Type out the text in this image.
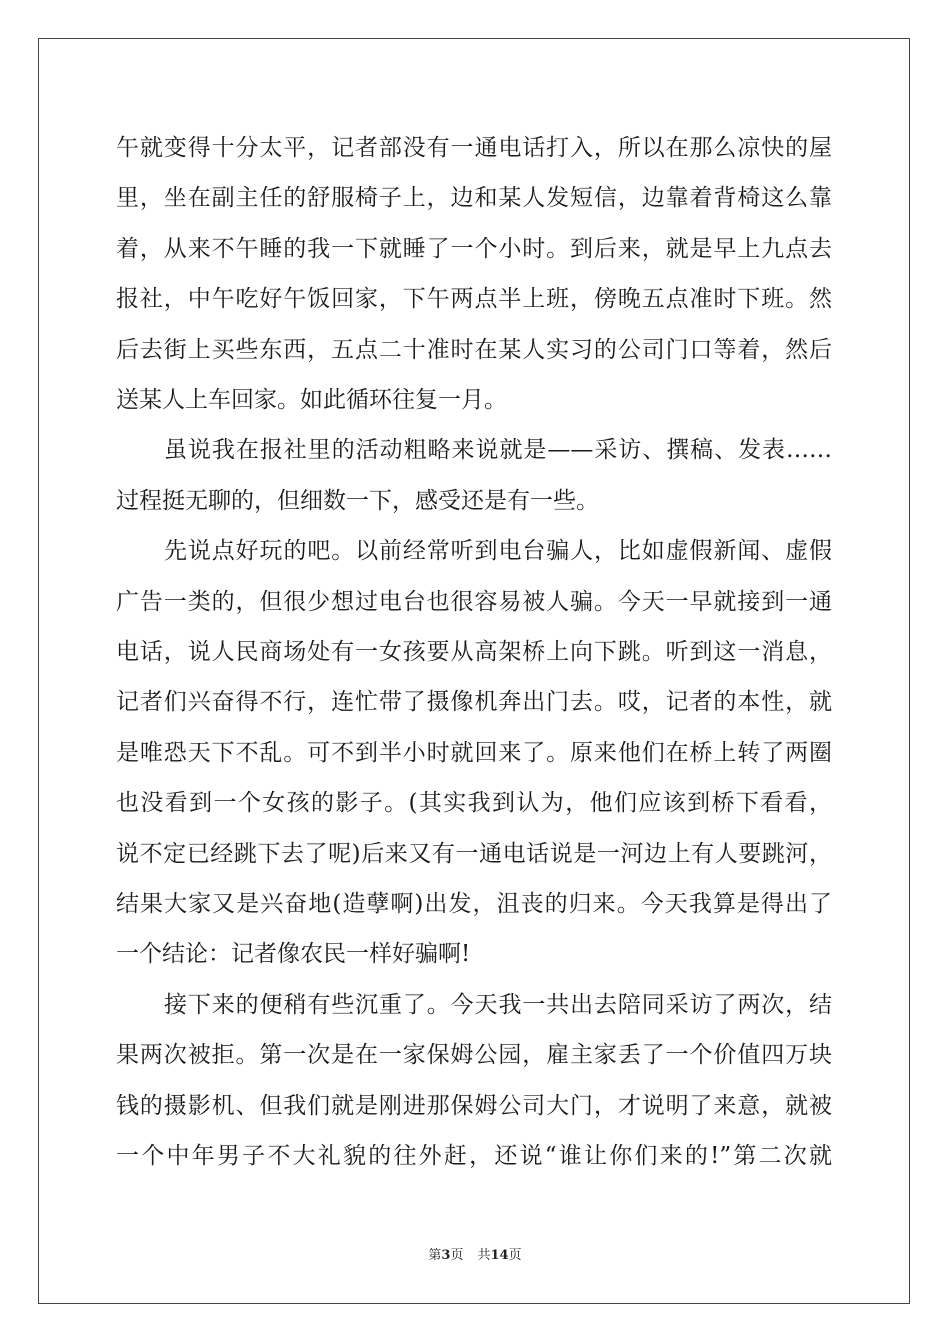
午就变得十分太平，记者部没有一通电话打入，所以在那么凉快的屋
里，坐在副主任的舒服椅子上，边和某人发短信，边靠着背椅这么靠
着，从来不午睡的我一下就睡了一个小时。到后来，就是早上九点去
报社，中午吃好午饭回家，下午两点半上班，傍晚五点准时下班。然
后去街上买些东西，五点二十准时在某人实习的公司门口等着，然后
送某人上车回家。如此循环往复一月。
虽说我在报社里的活动粗略来说就是——采访、撰稿、发表……
过程挺无聊的，但细数一下，感受还是有一些。
先说点好玩的吧。以前经常听到电台骗人，比如虚假新闻、虚假
广告一类的，但很少想过电台也很容易被人骗。今天一早就接到一通
电话，说人民商场处有一女孩要从高架桥上向下跳。听到这一消息，
记者们兴奋得不行，连忙带了摄像机奔出门去。哎，记者的本性，就
是唯恐天下不乱。可不到半小时就回来了。原来他们在桥上转了两圈
也没看到一个女孩的影子。(其实我到认为，他们应该到桥下看看，
说不定已经跳下去了呢)后来又有一通电话说是一河边上有人要跳河，
结果大家又是兴奋地(造孽啊)出发，沮丧的归来。今天我算是得出了
一个结论：记者像农民一样好骗啊!
接下来的便稍有些沉重了。今天我一共出去陪同采访了两次，结
果两次被拒。第一次是在一家保姆公园，雇主家丢了一个价值四万块
钱的摄影机、但我们就是刚进那保姆公司大门，才说明了来意，就被
一个中年男子不大礼貌的往外赶，还说“谁让你们来的!”第二次就
第3页 共14页
